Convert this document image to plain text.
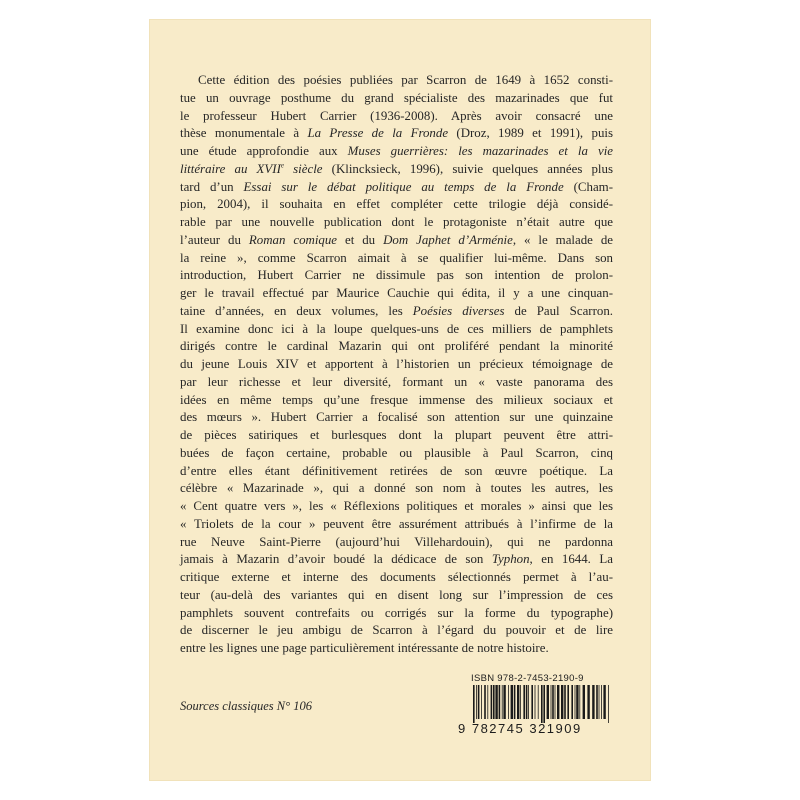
Cette édition des poésies publiées par Scarron de 1649 à 1652 consti-
tue un ouvrage posthume du grand spécialiste des mazarinades que fut
le professeur Hubert Carrier (1936-2008). Après avoir consacré une
thèse monumentale à La Presse de la Fronde (Droz, 1989 et 1991), puis
une étude approfondie aux Muses guerrières: les mazarinades et la vie
littéraire au XVIIe siècle (Klincksieck, 1996), suivie quelques années plus
tard d’un Essai sur le débat politique au temps de la Fronde (Cham-
pion, 2004), il souhaita en effet compléter cette trilogie déjà considé-
rable par une nouvelle publication dont le protagoniste n’était autre que
l’auteur du Roman comique et du Dom Japhet d’Arménie, « le malade de
la reine », comme Scarron aimait à se qualifier lui-même. Dans son
introduction, Hubert Carrier ne dissimule pas son intention de prolon-
ger le travail effectué par Maurice Cauchie qui édita, il y a une cinquan-
taine d’années, en deux volumes, les Poésies diverses de Paul Scarron.
Il examine donc ici à la loupe quelques-uns de ces milliers de pamphlets
dirigés contre le cardinal Mazarin qui ont proliféré pendant la minorité
du jeune Louis XIV et apportent à l’historien un précieux témoignage de
par leur richesse et leur diversité, formant un « vaste panorama des
idées en même temps qu’une fresque immense des milieux sociaux et
des mœurs ». Hubert Carrier a focalisé son attention sur une quinzaine
de pièces satiriques et burlesques dont la plupart peuvent être attri-
buées de façon certaine, probable ou plausible à Paul Scarron, cinq
d’entre elles étant définitivement retirées de son œuvre poétique. La
célèbre « Mazarinade », qui a donné son nom à toutes les autres, les
« Cent quatre vers », les « Réflexions politiques et morales » ainsi que les
« Triolets de la cour » peuvent être assurément attribués à l’infirme de la
rue Neuve Saint-Pierre (aujourd’hui Villehardouin), qui ne pardonna
jamais à Mazarin d’avoir boudé la dédicace de son Typhon, en 1644. La
critique externe et interne des documents sélectionnés permet à l’au-
teur (au-delà des variantes qui en disent long sur l’impression de ces
pamphlets souvent contrefaits ou corrigés sur la forme du typographe)
de discerner le jeu ambigu de Scarron à l’égard du pouvoir et de lire
entre les lignes une page particulièrement intéressante de notre histoire.

Sources classiques N° 106
ISBN 978-2-7453-2190-9
9 782745 321909
